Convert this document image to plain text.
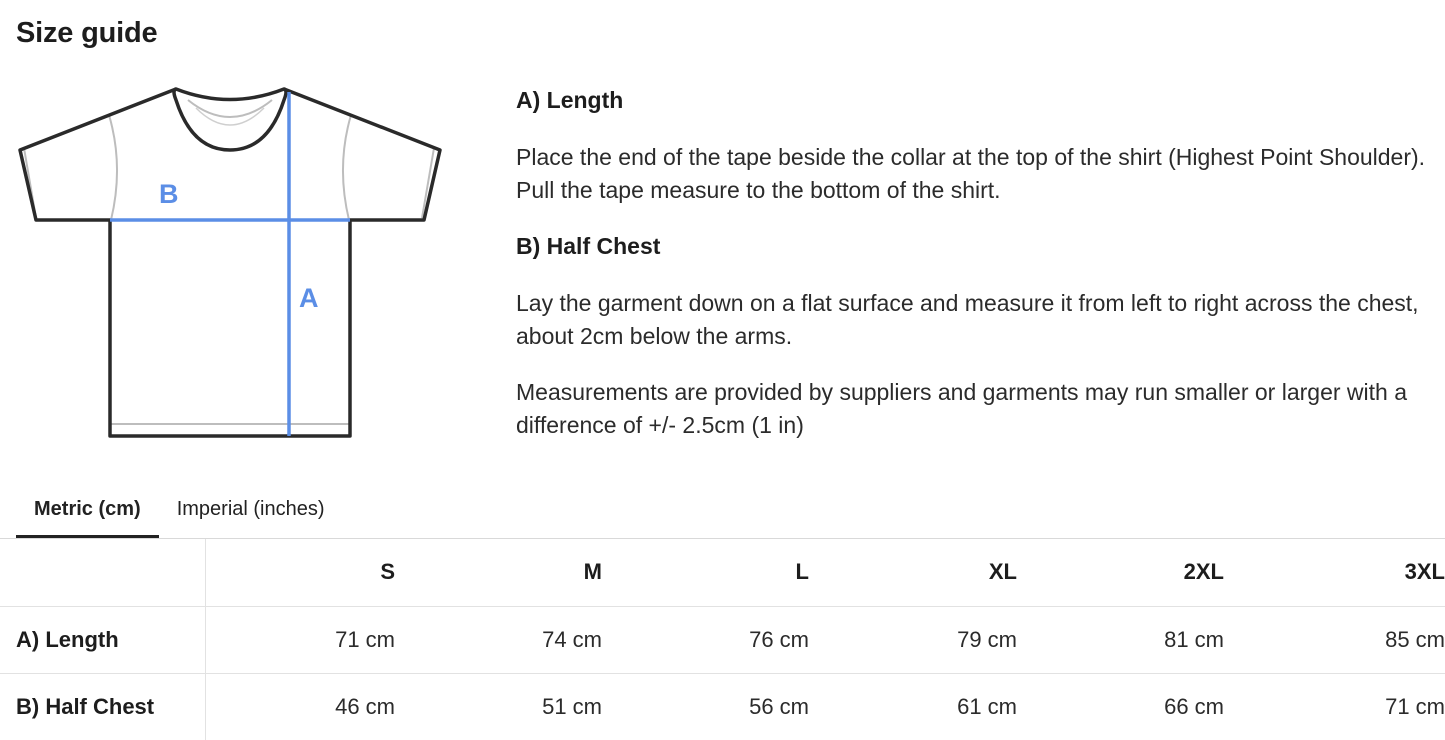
Size guide
B
A
A) Length

Place the end of the tape beside the collar at the top of the shirt (Highest Point Shoulder). Pull the tape measure to the bottom of the shirt.

B) Half Chest

Lay the garment down on a flat surface and measure it from left to right across the chest, about 2cm below the arms.

Measurements are provided by suppliers and garments may run smaller or larger with a difference of +/- 2.5cm (1 in)

Metric (cm)	Imperial (inches)
	S	M	L	XL	2XL	3XL
A) Length	71 cm	74 cm	76 cm	79 cm	81 cm	85 cm
B) Half Chest	46 cm	51 cm	56 cm	61 cm	66 cm	71 cm
